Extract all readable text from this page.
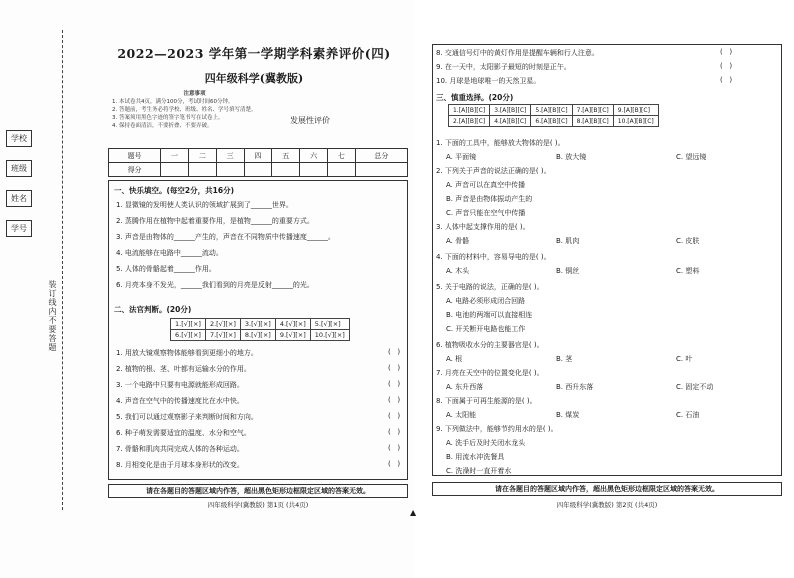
学校
班级
姓名
学号
装订线内不要答题
2022—2023 学年第一学期学科素养评价(四)
四年级科学(冀教版)
注意事项
1. 本试卷共4页，满分100分，考试时间60分钟。
2. 答题前，考生务必将学校、班级、姓名、学号填写清楚。
3. 答案须用黑色字迹的签字笔书写在试卷上。
4. 保持卷面清洁，不要折叠、不要弄破。
发展性评价
题号	一	二	三	四	五	六	七	总分
得分								
一、快乐填空。(每空2分，共16分)
1. 显微镜的发明使人类认识的领域扩展到了______世界。
2. 蒸腾作用在植物中起着重要作用，是植物______的重要方式。
3. 声音是由物体的______产生的，声音在不同物质中传播速度______。
4. 电流能够在电路中______流动。
5. 人体的骨骼起着______作用。
6. 月亮本身不发光，______我们看到的月亮是反射______的光。
二、法官判断。(20分)
1.[√][×]	2.[√][×]	3.[√][×]	4.[√][×]	5.[√][×]
6.[√][×]	7.[√][×]	8.[√][×]	9.[√][×]	10.[√][×]
1. 用放大镜观察物体能够看到更细小的地方。	(   )
2. 植物的根、茎、叶都有运输水分的作用。	(   )
3. 一个电路中只要有电源就能形成回路。	(   )
4. 声音在空气中的传播速度比在水中快。	(   )
5. 我们可以通过观察影子来判断时间和方向。	(   )
6. 种子萌发需要适宜的温度、水分和空气。	(   )
7. 骨骼和肌肉共同完成人体的各种运动。	(   )
8. 月相变化是由于月球本身形状的改变。	(   )
请在各题目的答题区域内作答，超出黑色矩形边框限定区域的答案无效。
四年级科学(冀教版) 第1页 (共4页)
▲
8. 交通信号灯中的黄灯作用是提醒车辆和行人注意。	(   )
9. 在一天中，太阳影子最短的时刻是正午。	(   )
10. 月球是地球唯一的天然卫星。	(   )
三、慎重选择。(20分)
1.[A][B][C]	3.[A][B][C]	5.[A][B][C]	7.[A][B][C]	9.[A][B][C]
2.[A][B][C]	4.[A][B][C]	6.[A][B][C]	8.[A][B][C]	10.[A][B][C]
1. 下面的工具中，能够放大物体的是( )。
A. 平面镜	B. 放大镜	C. 望远镜
2. 下列关于声音的说法正确的是( )。
A. 声音可以在真空中传播
B. 声音是由物体振动产生的
C. 声音只能在空气中传播
3. 人体中起支撑作用的是( )。
A. 骨骼	B. 肌肉	C. 皮肤
4. 下面的材料中，容易导电的是( )。
A. 木头	B. 铜丝	C. 塑料
5. 关于电路的说法，正确的是( )。
A. 电路必须形成闭合回路
B. 电池的两端可以直接相连
C. 开关断开电路也能工作
6. 植物吸收水分的主要器官是( )。
A. 根	B. 茎	C. 叶
7. 月亮在天空中的位置变化是( )。
A. 东升西落	B. 西升东落	C. 固定不动
8. 下面属于可再生能源的是( )。
A. 太阳能	B. 煤炭	C. 石油
9. 下列做法中，能够节约用水的是( )。
A. 洗手后及时关闭水龙头
B. 用流水冲洗餐具
C. 洗澡时一直开着水
请在各题目的答题区域内作答，超出黑色矩形边框限定区域的答案无效。
四年级科学(冀教版) 第2页 (共4页)
